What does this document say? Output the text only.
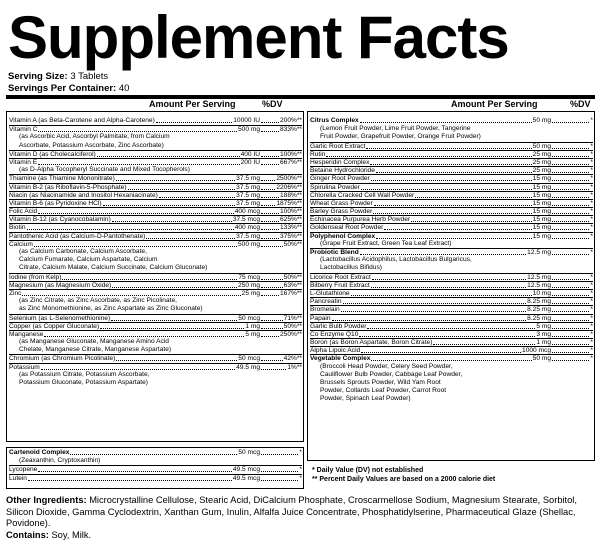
Supplement Facts
Serving Size: 3 Tablets
Servings Per Container: 40
Amount Per Serving	%DV	Amount Per Serving	%DV
Vitamin A (as Beta-Carotene and Alpha-Carotene)	10000 IU	200%**
Vitamin C	500 mg	833%**
(as Ascorbic Acid, Ascorbyl Palmitate, from Calcium
Ascorbate, Potassium Ascorbate, Zinc Ascorbate)
Vitamin D (as Cholecalciferol)	400 IU	100%**
Vitamin E	200 IU	667%**
(as D-Alpha Tocopheryl Succinate and Mixed Tocopherols)
Thiamine (as Thiamine Mononitrate)	37.5 mg 2500%**
Vitamin B-2 (as Riboflavin-5-Phosphate)	37.5 mg 2206%**
Niacin (as Niacinamide and Inositol Hexaniacinate)	37.5 mg	188%**
Vitamin B-6 (as Pyridoxine HCl)	37.5 mg 1875%**
Folic Acid	400 mcg	100%**
Vitamin B-12 (as Cyanocobalamin)	37.5 mcg	625%**
Biotin	400 mcg	133%**
Pantothenic Acid (as Calcium-D-Pantothenate)	37.5 mg	375%**
Calcium	500 mg	50%**
(as Calcium Carbonate, Calcium Ascorbate,
Calcium Fumarate, Calcium Aspartate, Calcium
Citrate, Calcium Malate, Calcium Succinate, Calcium Gluconate)
Iodine (from Kelp)	75 mcg	50%**
Magnesium (as Magnesium Oxide)	250 mg	63%**
Zinc	25 mg	167%**
(as Zinc Citrate, as Zinc Ascorbate, as Zinc Picolinate,
as Zinc Monomethionine, as Zinc Aspartate as Zinc Gluconate)
Selenium (as L-Selenomethionine)	50 mcg	71%**
Copper (as Copper Gluconate)	1 mg	50%**
Manganese	5 mg	250%**
(as Manganese Gluconate, Manganese Amino Acid
Chelate, Manganese Citrate, Manganese Aspartate)
Chromium (as Chromium Picolinate)	50 mcg	42%**
Potassium	49.5 mg	1%**
(as Potassium Citrate, Potassium Ascorbate,
Potassium Gluconate, Potassium Aspartate)
Cartenoid Complex	50 mcg	*
(Zeaxanthin, Cryptoxanthin)
Lycopene	49.5 mcg	*
Lutein	49.5 mcg	*
Citrus Complex	50 mg	*
(Lemon Fruit Powder, Lime Fruit Powder, Tangerine
Fruit Powder, Grapefruit Powder, Orange Fruit Powder)
Garlic Root Extract	50 mg	*
Rutin	25 mg	*
Hesperidin Complex	25 mg	*
Betaine Hydrochloride	25 mg	*
Ginger Root Powder	15 mg	*
Spirulina Powder	15 mg	*
Chlorella Cracked Cell Wall Powder	15 mg	*
Wheat Grass Powder	15 mg	*
Barley Grass Powder	15 mg	*
Echinacea Purpurea Herb Powder	15 mg	*
Goldenseal Root Powder	15 mg	*
Polyphenol Complex	15 mg	*
(Grape Fruit Extract, Green Tea Leaf Extract)
Probiotic Blend	12.5 mg	*
(Lactobacillus Acidophilus, Lactobacillus Bulgaricus,
Lactobacillus Bifidus)
Licorice Root Extract	12.5 mg	*
Bilberry Fruit Extract	12.5 mg	*
L-Glutathione	10 mg	*
Pancreatin	8.25 mg	*
Bromelain	8.25 mg	*
Papain	8.25 mg	*
Garlic Bulb Powder	5 mg	*
Co Enzyme Q10	3 mg	*
Boron (as Boron Aspartate, Boron Citrate)	1 mg	*
Alpha Lipoic Acid	1000 mcg	*
Vegetable Complex	50 mg	*
(Broccoli Head Powder, Celery Seed Powder,
Cauliflower Bulb Powder, Cabbage Leaf Powder,
Brussels Sprouts Powder, Wild Yam Root
Powder, Collards Leaf Powder, Carrot Root
Powder, Spinach Leaf Powder)
* Daily Value (DV) not established
** Percent Daily Values are based on a 2000 calorie diet
Other Ingredients: Microcrystalline Cellulose, Stearic Acid, DiCalcium Phosphate, Croscarmellose Sodium, Magnesium Stearate, Sorbitol, Silicon Dioxide, Gamma Cyclodextrin, Xanthan Gum, Inulin, Alfalfa Juice Concentrate, Phosphatidylserine, Pharmaceutical Glaze (Shellac, Povidone).
Contains: Soy, Milk.
